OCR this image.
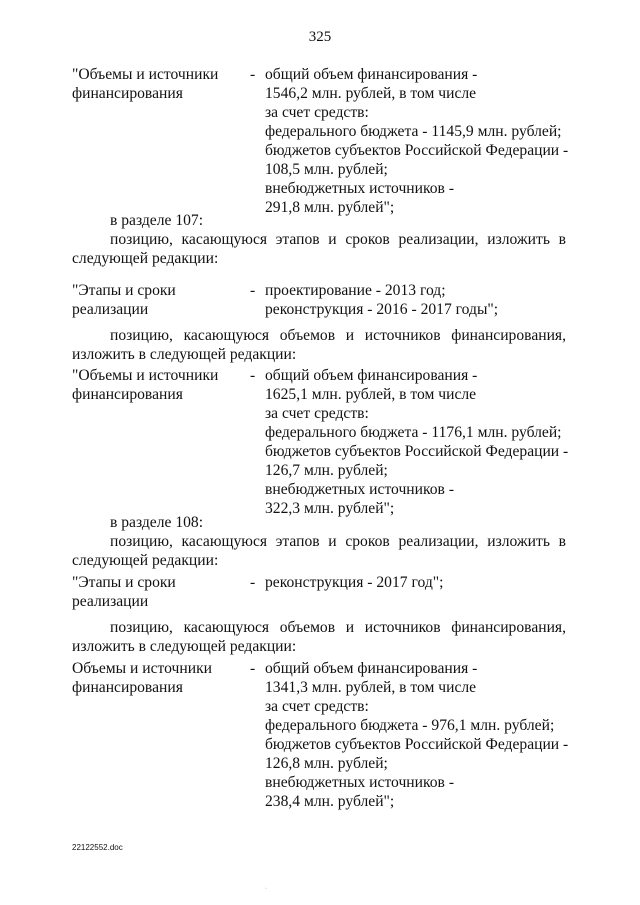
325
"Объемы и источники
финансирования
- общий объем финансирования -
1546,2 млн. рублей, в том числе
за счет средств:
федерального бюджета - 1145,9 млн. рублей;
бюджетов субъектов Российской Федерации -
108,5 млн. рублей;
внебюджетных источников -
291,8 млн. рублей";
в разделе 107:
позицию, касающуюся этапов и сроков реализации, изложить в
следующей редакции:
"Этапы и сроки
реализации
- проектирование - 2013 год;
реконструкция - 2016 - 2017 годы";
позицию, касающуюся объемов и источников финансирования,
изложить в следующей редакции:
"Объемы и источники
финансирования
- общий объем финансирования -
1625,1 млн. рублей, в том числе
за счет средств:
федерального бюджета - 1176,1 млн. рублей;
бюджетов субъектов Российской Федерации -
126,7 млн. рублей;
внебюджетных источников -
322,3 млн. рублей";
в разделе 108:
позицию, касающуюся этапов и сроков реализации, изложить в
следующей редакции:
"Этапы и сроки
реализации
- реконструкция - 2017 год";
позицию, касающуюся объемов и источников финансирования,
изложить в следующей редакции:
Объемы и источники
финансирования
- общий объем финансирования -
1341,3 млн. рублей, в том числе
за счет средств:
федерального бюджета - 976,1 млн. рублей;
бюджетов субъектов Российской Федерации -
126,8 млн. рублей;
внебюджетных источников -
238,4 млн. рублей";
22122552.doc
·
